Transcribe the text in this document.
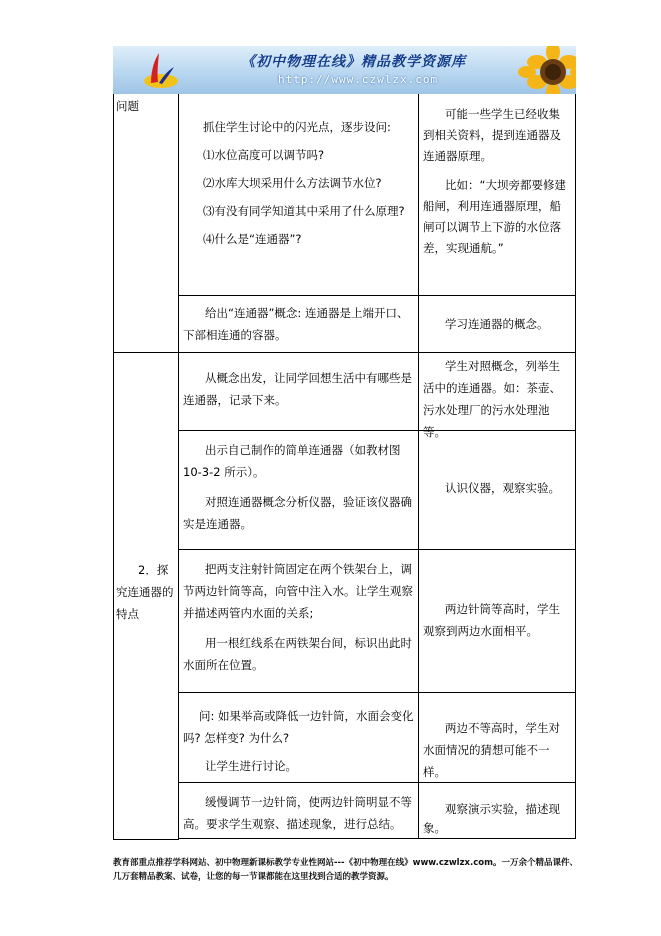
《初中物理在线》精品教学资源库
http://www.czwlzx.com

问题

2．探究连通器的特点

抓住学生讨论中的闪光点，逐步设问:

⑴水位高度可以调节吗?

⑵水库大坝采用什么方法调节水位?

⑶有没有同学知道其中采用了什么原理?

⑷什么是“连通器”?

可能一些学生已经收集到相关资料，提到连通器及连通器原理。

比如：“大坝旁都要修建船闸，利用连通器原理，船闸可以调节上下游的水位落差，实现通航。”

给出“连通器”概念: 连通器是上端开口、下部相连通的容器。

学习连通器的概念。

从概念出发，让同学回想生活中有哪些是连通器，记录下来。

学生对照概念，列举生活中的连通器。如：茶壶、污水处理厂的污水处理池等。

出示自己制作的简单连通器（如教材图10-3-2 所示）。

对照连通器概念分析仪器，验证该仪器确实是连通器。

认识仪器，观察实验。

把两支注射针筒固定在两个铁架台上，调节两边针筒等高，向管中注入水。让学生观察并描述两管内水面的关系;

用一根红线系在两铁架台间，标识出此时水面所在位置。

两边针筒等高时，学生观察到两边水面相平。

问: 如果举高或降低一边针筒，水面会变化吗? 怎样变? 为什么?

让学生进行讨论。

两边不等高时，学生对水面情况的猜想可能不一样。

缓慢调节一边针筒，使两边针筒明显不等高。要求学生观察、描述现象，进行总结。

观察演示实验，描述现象。

教育部重点推荐学科网站、初中物理新课标教学专业性网站---《初中物理在线》www.czwlzx.com。一万余个精品课件、几万套精品教案、试卷，让您的每一节课都能在这里找到合适的教学资源。
